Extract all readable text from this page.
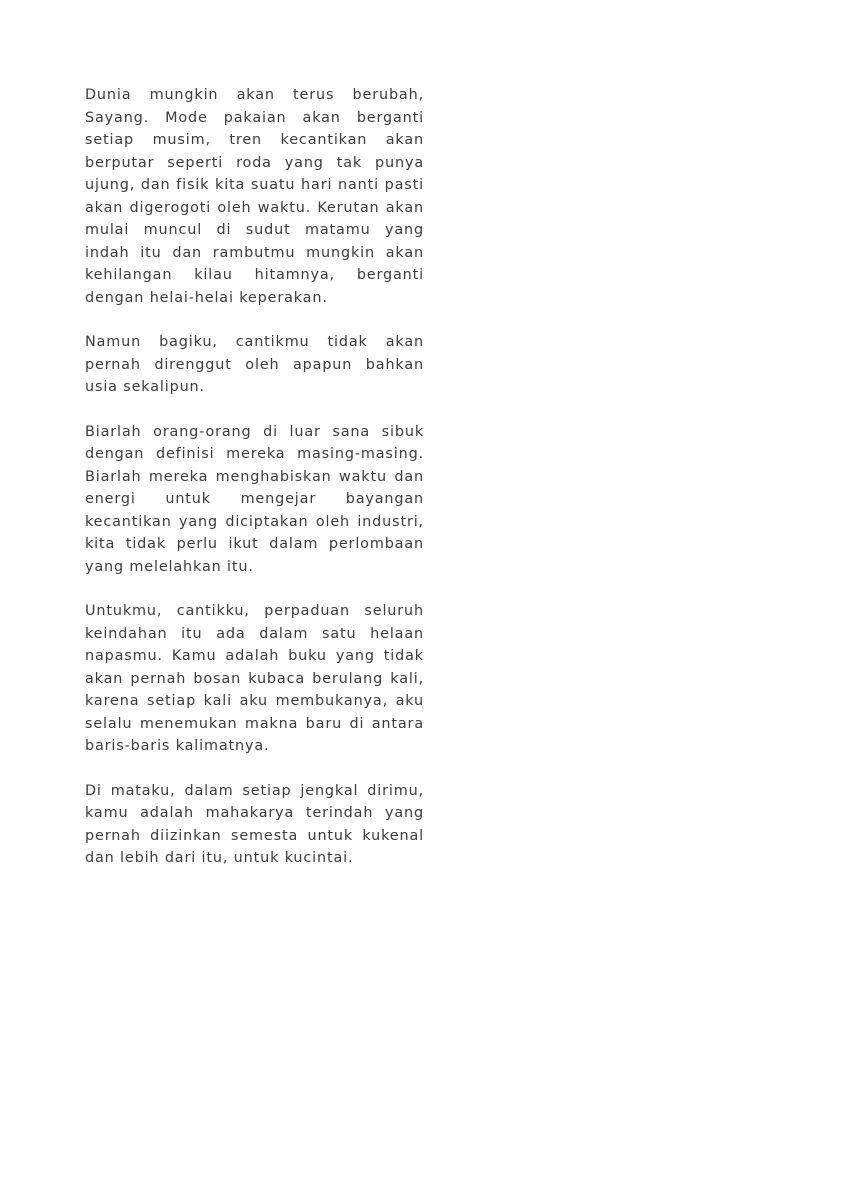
Dunia mungkin akan terus berubah, Sayang. Mode pakaian akan berganti setiap musim, tren kecantikan akan berputar seperti roda yang tak punya ujung, dan fisik kita suatu hari nanti pasti akan digerogoti oleh waktu. Kerutan akan mulai muncul di sudut matamu yang indah itu dan rambutmu mungkin akan kehilangan kilau hitamnya, berganti dengan helai-helai keperakan.

Namun bagiku, cantikmu tidak akan pernah direnggut oleh apapun bahkan usia sekalipun.

Biarlah orang-orang di luar sana sibuk dengan definisi mereka masing-masing. Biarlah mereka menghabiskan waktu dan energi untuk mengejar bayangan kecantikan yang diciptakan oleh industri, kita tidak perlu ikut dalam perlombaan yang melelahkan itu.

Untukmu, cantikku, perpaduan seluruh keindahan itu ada dalam satu helaan napasmu. Kamu adalah buku yang tidak akan pernah bosan kubaca berulang kali, karena setiap kali aku membukanya, aku selalu menemukan makna baru di antara baris-baris kalimatnya.

Di mataku, dalam setiap jengkal dirimu, kamu adalah mahakarya terindah yang pernah diizinkan semesta untuk kukenal dan lebih dari itu, untuk kucintai.
